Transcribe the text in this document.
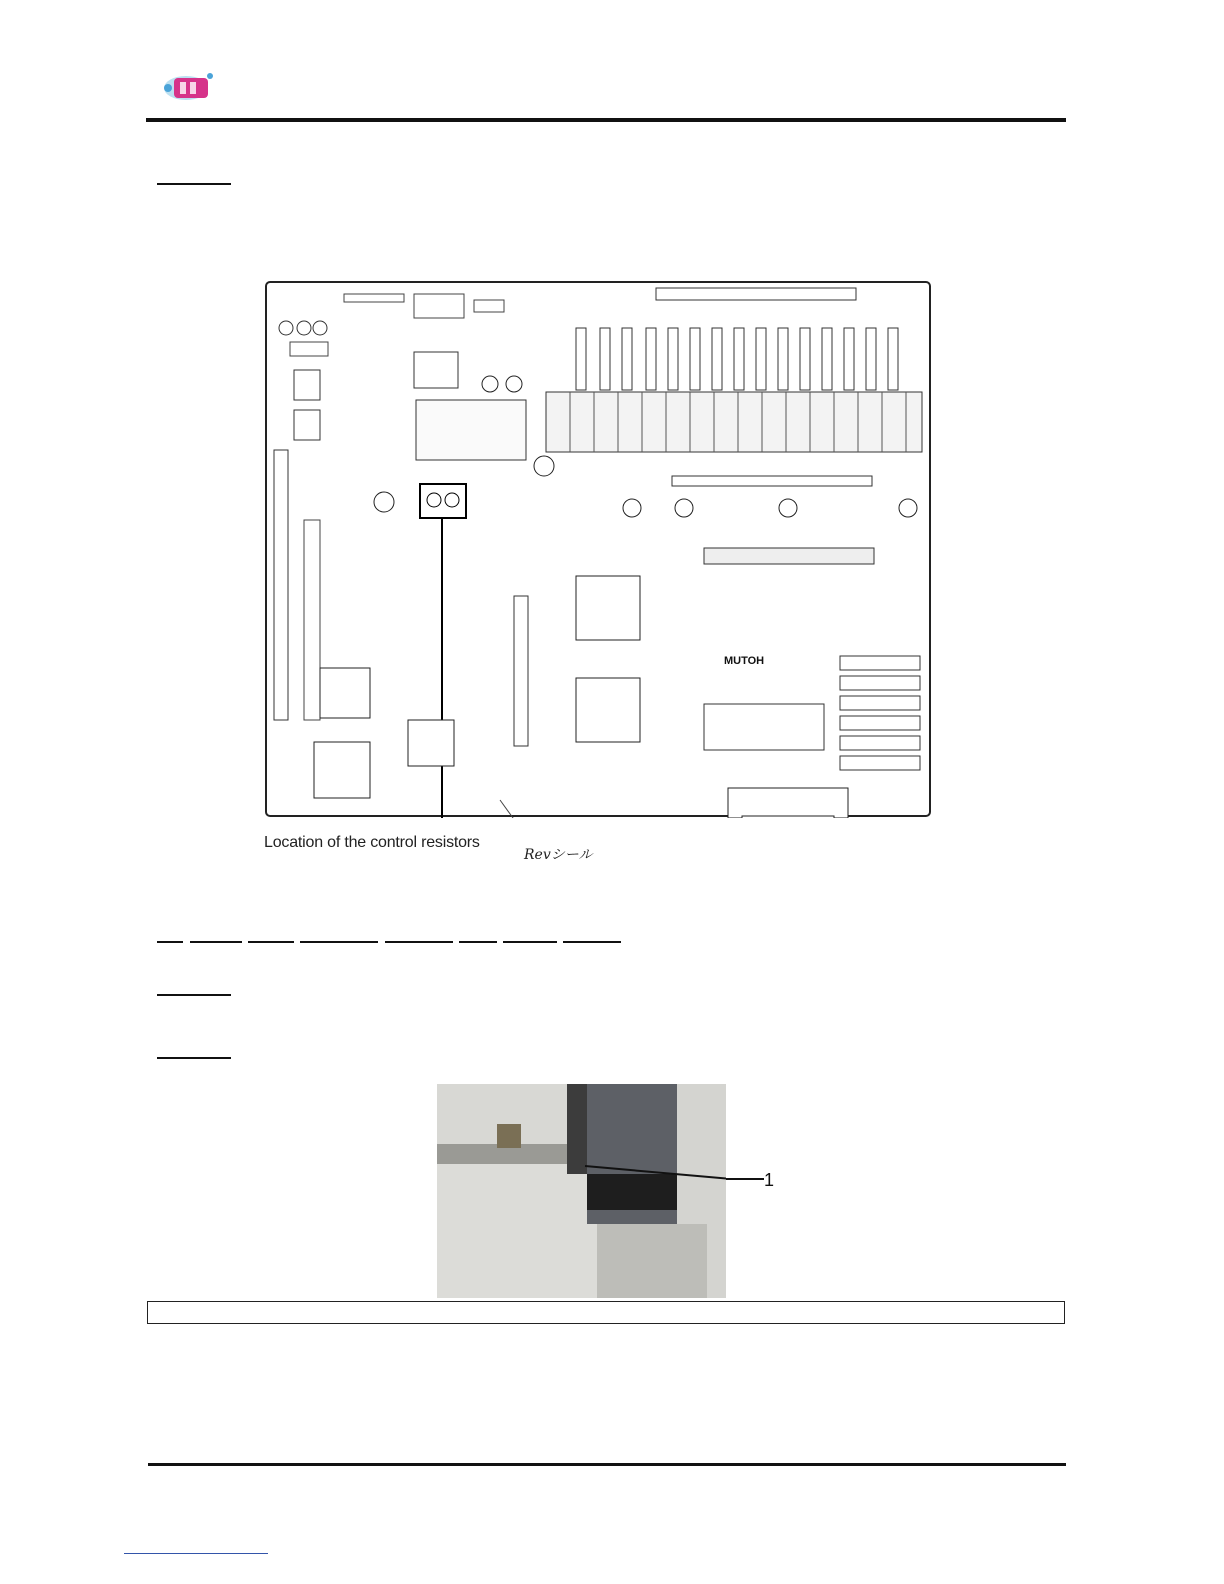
MUTOH
Location of the control resistors
Revシール
1
